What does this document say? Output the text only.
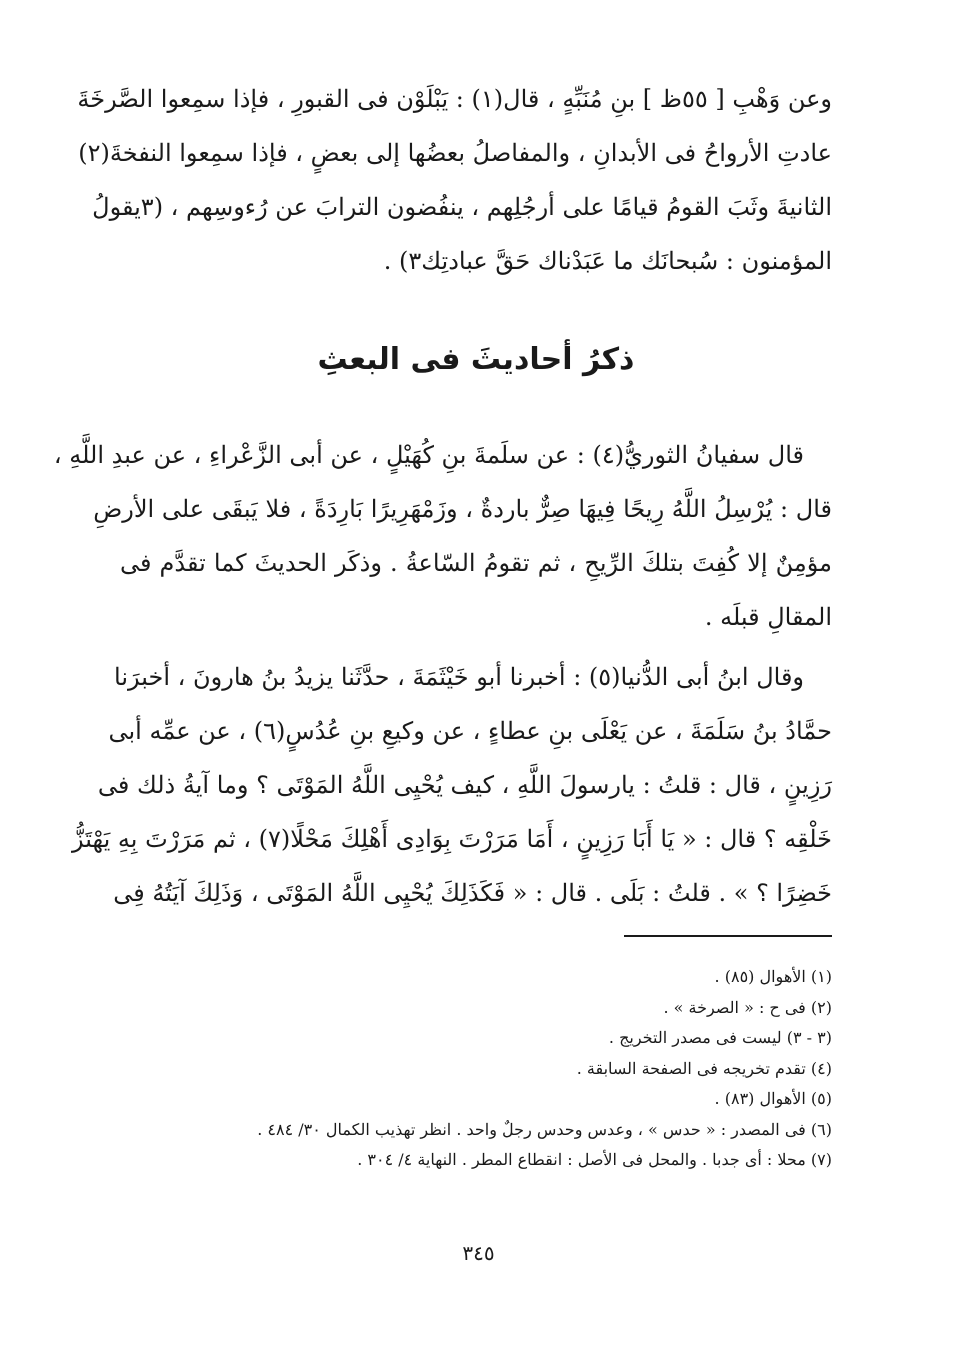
وعن وَهْبِ [ ٥٥ظ ] بنِ مُنَبِّهٍ ، قال(١) : يَبْلَوْن فى القبورِ ، فإذا سمِعوا الصَّرخَةَ
عادتِ الأرواحُ فى الأبدانِ ، والمفاصلُ بعضُها إلى بعضٍ ، فإذا سمِعوا النفخةَ(٢)
الثانيةَ وثَبَ القومُ قيامًا على أرجُلِهم ، ينفُضون الترابَ عن رُءوسِهم ، (٣يقولُ
المؤمنون : سُبحانَك ما عَبَدْناك حَقَّ عبادتِك٣) .
ذكرُ أحاديثَ فى البعثِ
قال سفيانُ الثوريُّ(٤) : عن سلَمةَ بنِ كُهَيْلٍ ، عن أبى الزَّعْراءِ ، عن عبدِ اللَّهِ ،
قال : يُرْسِلُ اللَّهُ رِيحًا فِيهَا صِرٌّ باردةٌ ، وزَمْهَرِيرًا بَارِدَةً ، فلا يَبقَى على الأرضِ
مؤمِنٌ إلا كُفِتَ بتلكَ الرِّيحِ ، ثم تقومُ السّاعةُ . وذكَر الحديثَ كما تقدَّم فى
المقالِ قبلَه .
وقال ابنُ أبى الدُّنيا(٥) : أخبرنا أبو خَيْثَمَةَ ، حدَّثَنا يزيدُ بنُ هارونَ ، أخبرَنا
حمَّادُ بنُ سَلَمَةَ ، عن يَعْلَى بنِ عطاءٍ ، عن وكيعِ بنِ عُدُسٍ(٦) ، عن عمِّه أبى
رَزِينٍ ، قال : قلتُ : يارسولَ اللَّهِ ، كيف يُحْيِى اللَّهُ المَوْتَى ؟ وما آيةُ ذلك فى
خَلْقِه ؟ قال : « يَا أَبَا رَزِينٍ ، أَمَا مَرَرْتَ بِوَادِى أَهْلِكَ مَحْلًا(٧) ، ثم مَرَرْتَ بِهِ يَهْتَزُّ
خَضِرًا ؟ » . قلتُ : بَلَى . قال : « فَكَذَلِكَ يُحْيِى اللَّهُ المَوْتَى ، وَذَلِكَ آيَتُهُ فِى
(١) الأهوال (٨٥) .
(٢) فى ح : « الصرخة » .
(٣ - ٣) ليست فى مصدر التخريج .
(٤) تقدم تخريجه فى الصفحة السابقة .
(٥) الأهوال (٨٣) .
(٦) فى المصدر : « حدس » ، وعدس وحدس رجلٌ واحد . انظر تهذيب الكمال ٣٠/ ٤٨٤ .
(٧) محلا : أى جدبا . والمحل فى الأصل : انقطاع المطر . النهاية ٤/ ٣٠٤ .
٣٤٥
